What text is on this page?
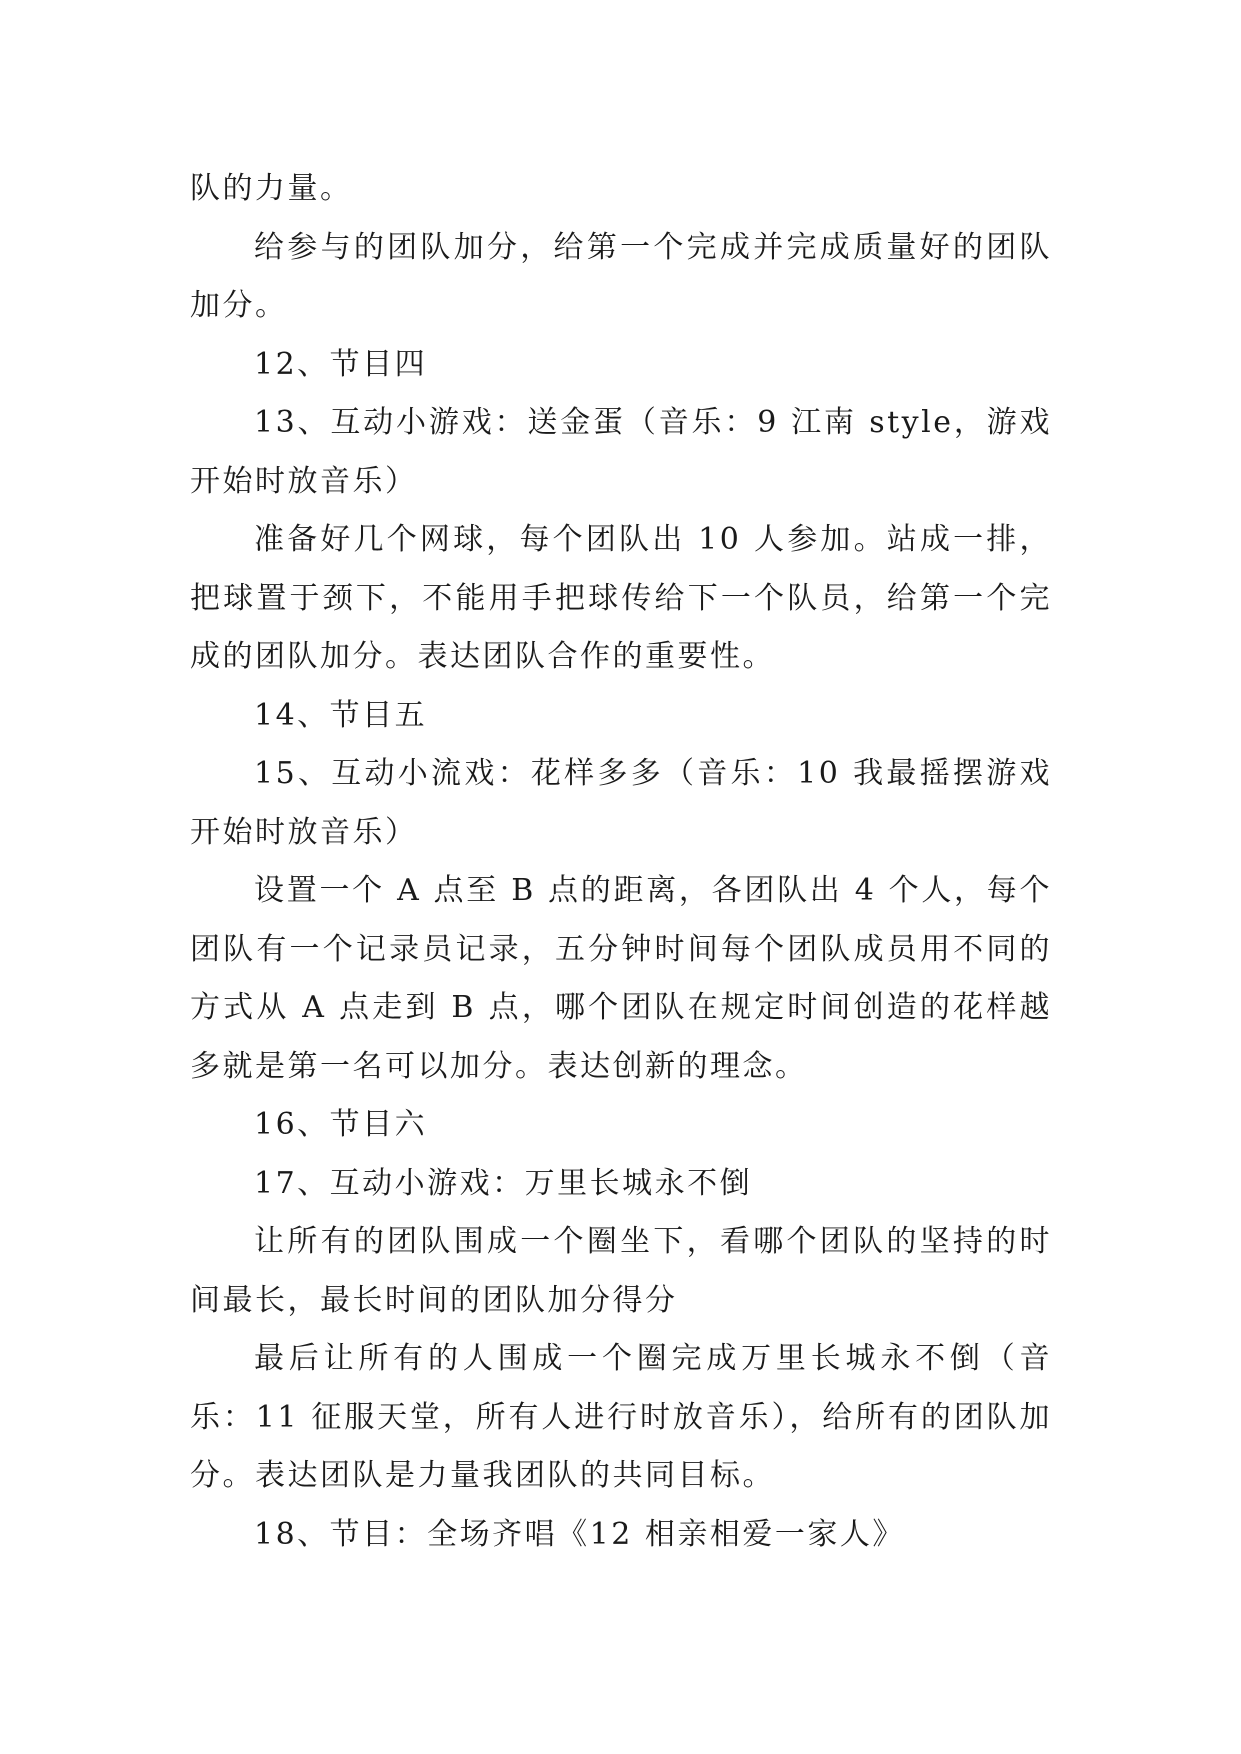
队的力量。

给参与的团队加分，给第一个完成并完成质量好的团队加分。

12、节目四

13、互动小游戏：送金蛋（音乐：9 江南 style，游戏开始时放音乐）

准备好几个网球，每个团队出 10 人参加。站成一排，把球置于颈下，不能用手把球传给下一个队员，给第一个完成的团队加分。表达团队合作的重要性。

14、节目五

15、互动小流戏：花样多多（音乐：10 我最摇摆游戏开始时放音乐）

设置一个 A 点至 B 点的距离，各团队出 4 个人，每个团队有一个记录员记录，五分钟时间每个团队成员用不同的方式从 A 点走到 B 点，哪个团队在规定时间创造的花样越多就是第一名可以加分。表达创新的理念。

16、节目六

17、互动小游戏：万里长城永不倒

让所有的团队围成一个圈坐下，看哪个团队的坚持的时间最长，最长时间的团队加分得分

最后让所有的人围成一个圈完成万里长城永不倒（音乐：11 征服天堂，所有人进行时放音乐），给所有的团队加分。表达团队是力量我团队的共同目标。

18、节目：全场齐唱《12 相亲相爱一家人》
